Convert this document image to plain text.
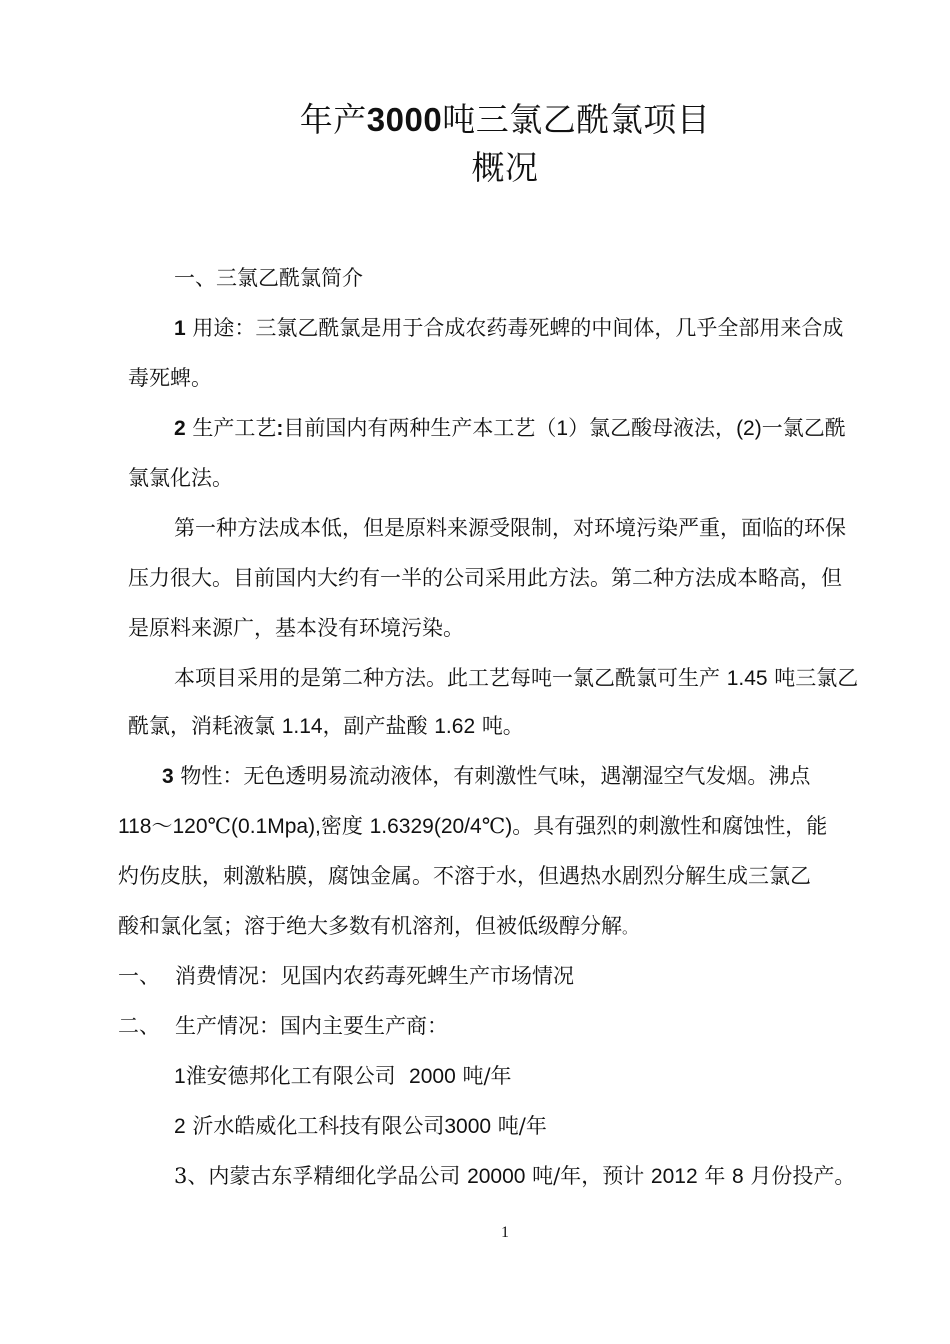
年产3000吨三氯乙酰氯项目
概况
一、三氯乙酰氯简介
1 用途：三氯乙酰氯是用于合成农药毒死蜱的中间体，几乎全部用来合成
毒死蜱。
2 生产工艺:目前国内有两种生产本工艺（1）氯乙酸母液法，(2)一氯乙酰
氯氯化法。
第一种方法成本低，但是原料来源受限制，对环境污染严重，面临的环保
压力很大。目前国内大约有一半的公司采用此方法。第二种方法成本略高，但
是原料来源广，基本没有环境污染。
本项目采用的是第二种方法。此工艺每吨一氯乙酰氯可生产 1.45 吨三氯乙
酰氯，消耗液氯 1.14，副产盐酸 1.62 吨。
3 物性：无色透明易流动液体，有刺激性气味，遇潮湿空气发烟。沸点
118～120℃(0.1Mpa),密度 1.6329(20/4℃)。具有强烈的刺激性和腐蚀性，能
灼伤皮肤，刺激粘膜，腐蚀金属。不溶于水，但遇热水剧烈分解生成三氯乙
酸和氯化氢；溶于绝大多数有机溶剂，但被低级醇分解。
一、 消费情况：见国内农药毒死蜱生产市场情况
二、 生产情况：国内主要生产商：
1淮安德邦化工有限公司 2000 吨/年
2 沂水皓威化工科技有限公司3000 吨/年
3、内蒙古东孚精细化学品公司 20000 吨/年，预计 2012 年 8 月份投产。
1
